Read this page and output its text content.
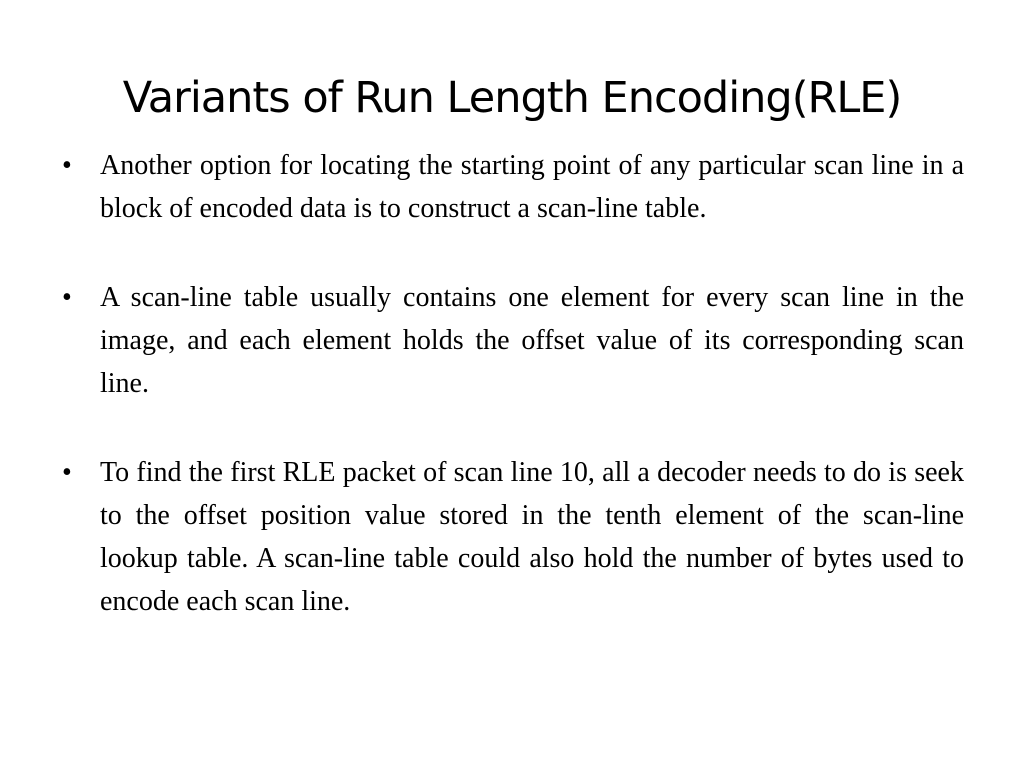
Variants of Run Length Encoding(RLE)
• Another option for locating the starting point of any particular scan line in a block of encoded data is to construct a scan-line table.
• A scan-line table usually contains one element for every scan line in the image, and each element holds the offset value of its corresponding scan line.
• To find the first RLE packet of scan line 10, all a decoder needs to do is seek to the offset position value stored in the tenth element of the scan-line lookup table. A scan-line table could also hold the number of bytes used to encode each scan line.
